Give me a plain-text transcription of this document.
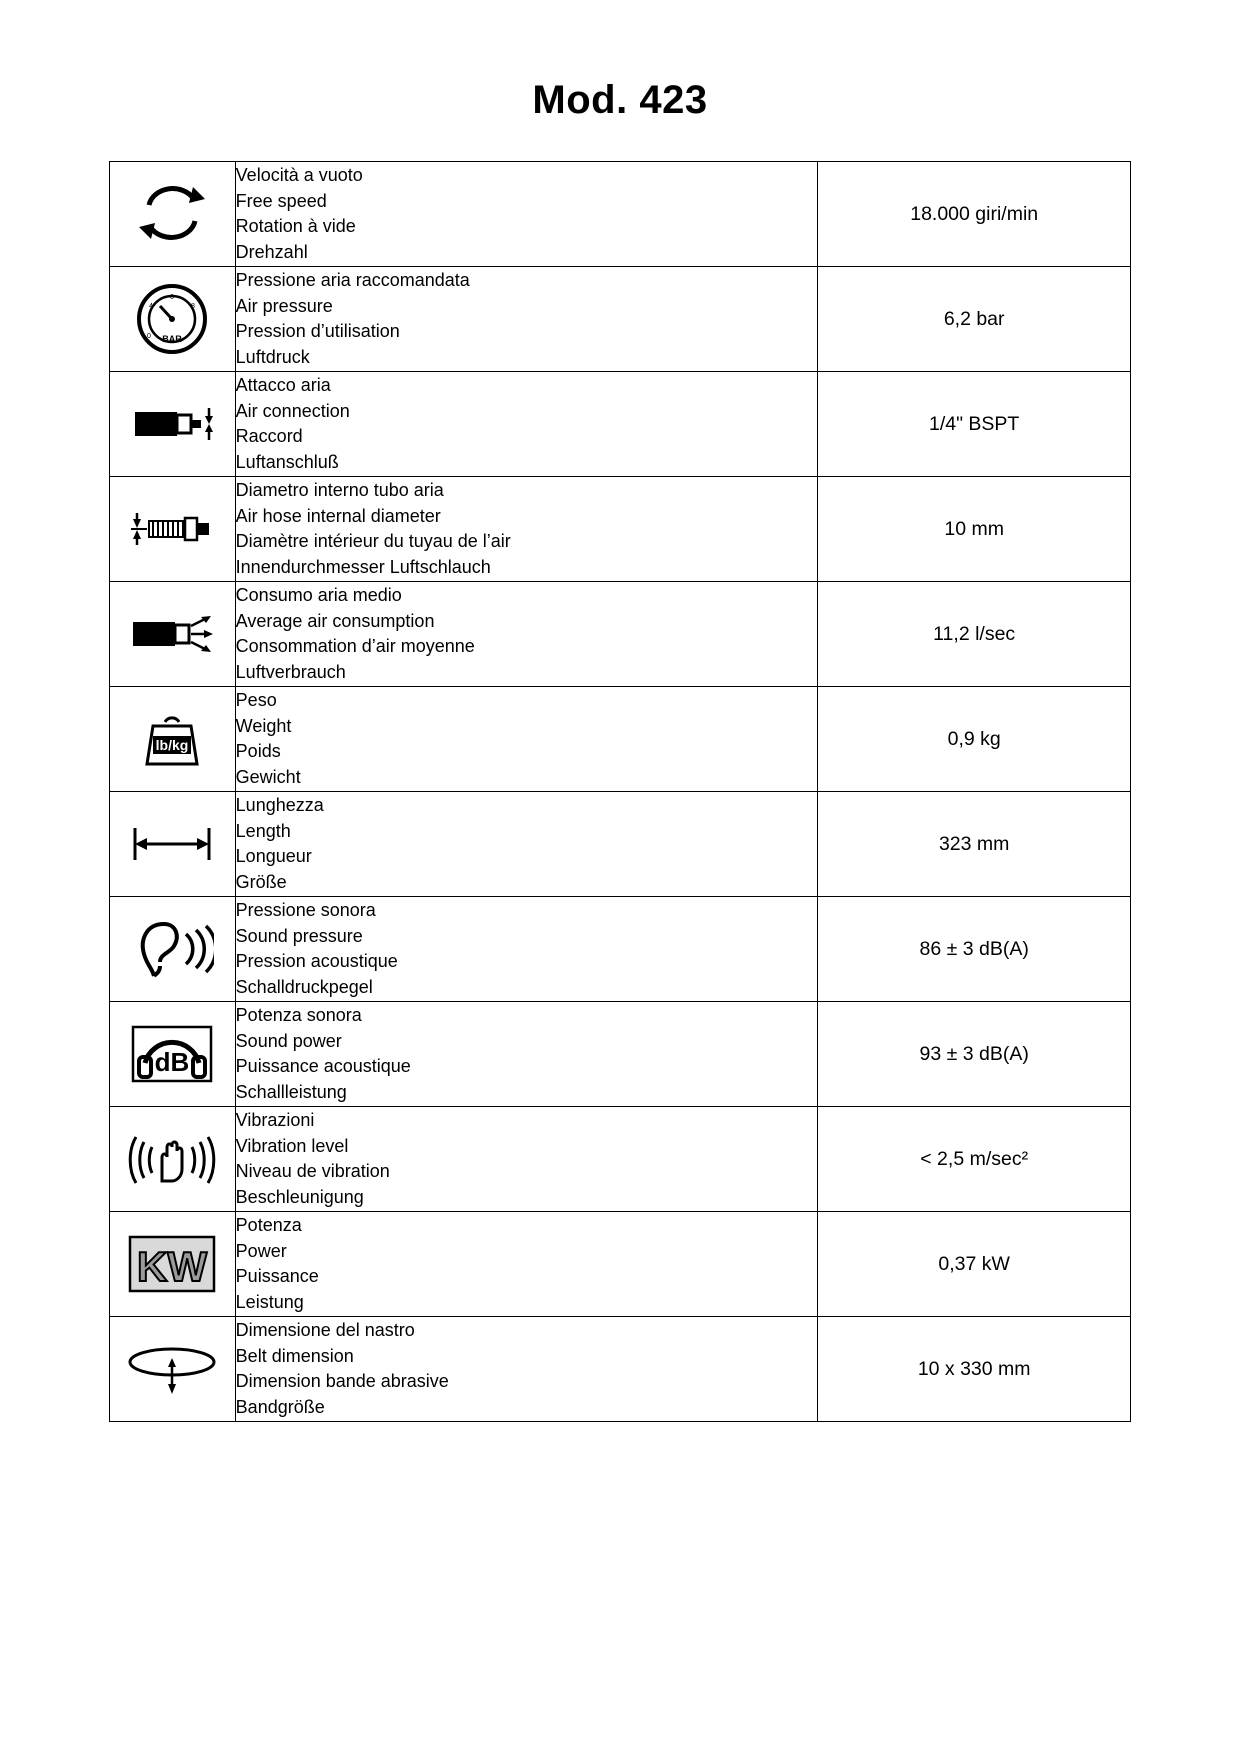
Mod. 423

Velocità a vuoto
Free speed
Rotation à vide
Drehzahl	18.000 giri/min

BAR
4
6
8
0

Pressione aria raccomandata
Air pressure
Pression d’utilisation
Luftdruck
	6,2 bar

Attacco aria
Air connection
Raccord
Luftanschluß	1/4" BSPT

Diametro interno tubo aria
Air hose internal diameter
Diamètre intérieur du tuyau de l’air
Innendurchmesser Luftschlauch	10 mm

Consumo aria medio
Average air consumption
Consommation d’air moyenne
Luftverbrauch	11,2 l/sec

lb/kg	Peso
Weight
Poids
Gewicht	0,9 kg

Lunghezza
Length
Longueur
Größe	323 mm

Pressione sonora
Sound pressure
Pression acoustique
Schalldruckpegel	86 ± 3 dB(A)

dB	Potenza sonora
Sound power
Puissance acoustique
Schallleistung	93 ± 3 dB(A)

Vibrazioni
Vibration level
Niveau de vibration
Beschleunigung	< 2,5 m/sec²

KW	Potenza
Power
Puissance
Leistung	0,37 kW

Dimensione del nastro
Belt dimension
Dimension bande abrasive
Bandgröße	10 x 330 mm
